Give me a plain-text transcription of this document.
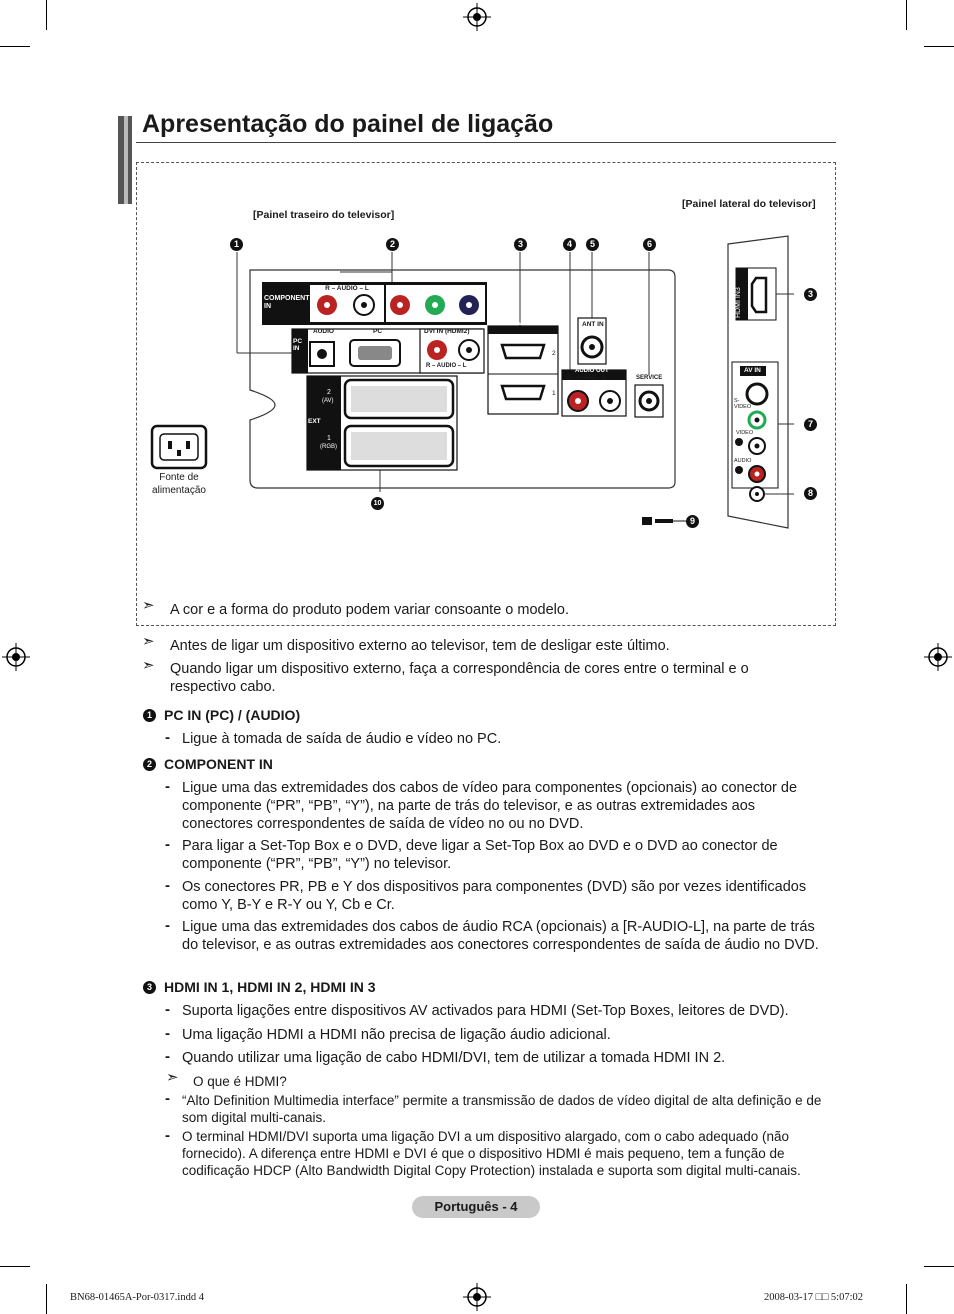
Apresentação do painel de ligação
[Painel traseiro do televisor]
[Painel lateral do televisor]
COMPONENT IN
R – AUDIO – L
PC IN
AUDIO	PC	DVI IN (HDMI2)
R – AUDIO – L
HDMI IN
2
1
ANT IN
AUDIO OUT
R – AUDIO – L	SERVICE
EXT
2
(AV)
1
(RGB)
Fonte de
alimentação
HDMI IN3
AV IN
S-VIDEO
VIDEO
AUDIO
1	2	3	4	5	6
3
7
8
9
10
➣ A cor e a forma do produto podem variar consoante o modelo.
➣ Antes de ligar um dispositivo externo ao televisor, tem de desligar este último.
➣ Quando ligar um dispositivo externo, faça a correspondência de cores entre o terminal e o respectivo cabo.
1 PC IN (PC) / (AUDIO)
- Ligue à tomada de saída de áudio e vídeo no PC.
2 COMPONENT IN
- Ligue uma das extremidades dos cabos de vídeo para componentes (opcionais) ao conector de componente (“PR”, “PB”, “Y”), na parte de trás do televisor, e as outras extremidades aos conectores correspondentes de saída de vídeo no ou no DVD.
- Para ligar a Set-Top Box e o DVD, deve ligar a Set-Top Box ao DVD e o DVD ao conector de componente (“PR”, “PB”, “Y”) no televisor.
- Os conectores PR, PB e Y dos dispositivos para componentes (DVD) são por vezes identificados como Y, B-Y e R-Y ou Y, Cb e Cr.
- Ligue uma das extremidades dos cabos de áudio RCA (opcionais) a [R-AUDIO-L], na parte de trás do televisor, e as outras extremidades aos conectores correspondentes de saída de áudio no DVD.
3 HDMI IN 1, HDMI IN 2, HDMI IN 3
- Suporta ligações entre dispositivos AV activados para HDMI (Set-Top Boxes, leitores de DVD).
- Uma ligação HDMI a HDMI não precisa de ligação áudio adicional.
- Quando utilizar uma ligação de cabo HDMI/DVI, tem de utilizar a tomada HDMI IN 2.
➣ O que é HDMI?
- “Alto Definition Multimedia interface” permite a transmissão de dados de vídeo digital de alta definição e de som digital multi-canais.
- O terminal HDMI/DVI suporta uma ligação DVI a um dispositivo alargado, com o cabo adequado (não fornecido). A diferença entre HDMI e DVI é que o dispositivo HDMI é mais pequeno, tem a função de codificação HDCP (Alto Bandwidth Digital Copy Protection) instalada e suporta som digital multi-canais.
Português - 4
BN68-01465A-Por-0317.indd 4	2008-03-17 □□ 5:07:02
